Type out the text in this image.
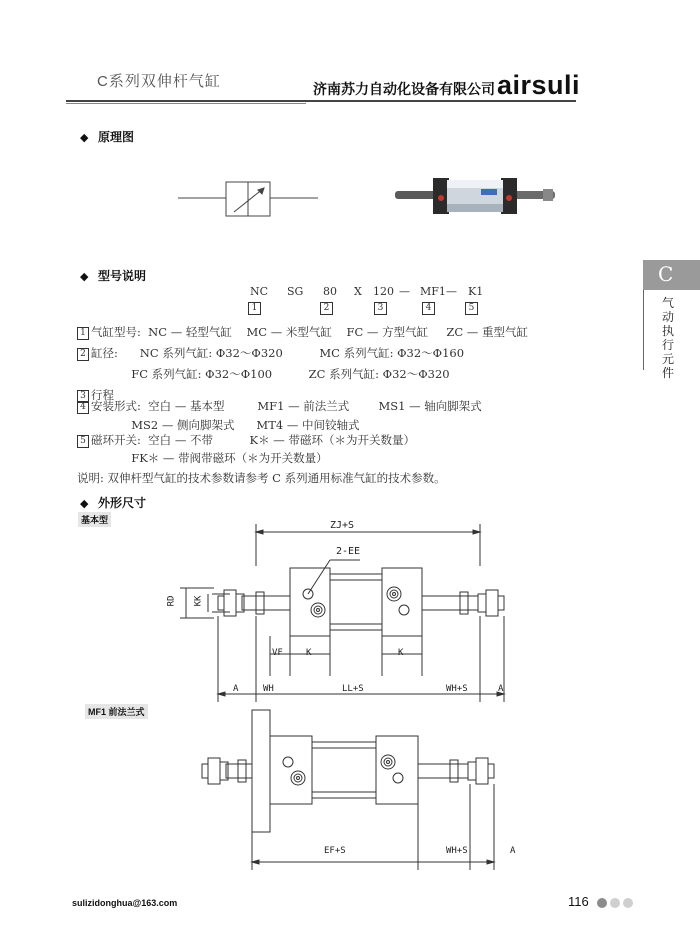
C系列双伸杆气缸	济南苏力自动化设备有限公司 airsuli
C
气动执行元件
◆ 原理图
◆ 型号说明
NC SG 80 X 120 — MF1 — K1
1	2	3	4	5
1 气缸型号:  NC — 轻型气缸    MC — 米型气缸    FC — 方型气缸     ZC — 重型气缸
2 缸径:      NC 系列气缸: Φ32～Φ320          MC 系列气缸: Φ32～Φ160
FC 系列气缸: Φ32～Φ100          ZC 系列气缸: Φ32～Φ320
3 行程
4 安装形式:  空白 — 基本型         MF1 — 前法兰式        MS1 — 轴向脚架式
MS2 — 侧向脚架式      MT4 — 中间铰轴式
5 磁环开关:  空白 — 不带          K＊ — 带磁环（＊为开关数量）
FK＊ — 带阀带磁环（＊为开关数量）
说明: 双伸杆型气缸的技术参数请参考 C 系列通用标准气缸的技术参数。
◆ 外形尺寸
基本型	ZJ+S
2-EE
RD KK
VF	K	K
A	WH	LL+S	WH+S	A
MF1 前法兰式
EF+S	WH+S	A
sulizidonghua@163.com	116
